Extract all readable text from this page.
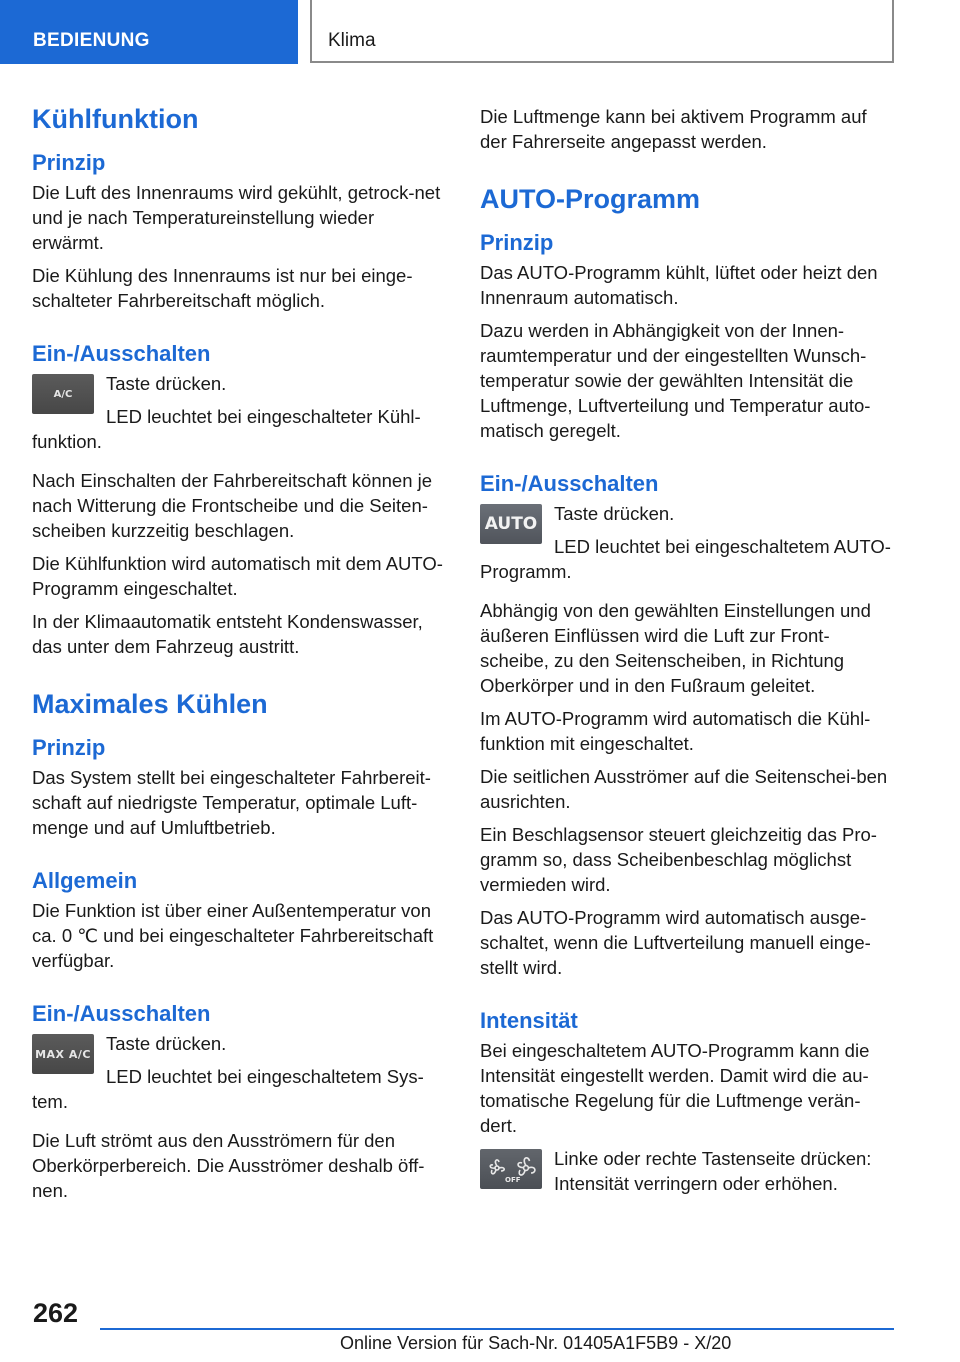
BEDIENUNG	Klima
Kühlfunktion
Prinzip

Die Luft des Innenraums wird gekühlt, getrock-net und je nach Temperatureinstellung wieder erwärmt.

Die Kühlung des Innenraums ist nur bei einge-schalteter Fahrbereitschaft möglich.

Ein-/Ausschalten
A/C	Taste drücken.

LED leuchtet bei eingeschalteter Kühl-funktion.

Nach Einschalten der Fahrbereitschaft können je nach Witterung die Frontscheibe und die Seiten-scheiben kurzzeitig beschlagen.

Die Kühlfunktion wird automatisch mit dem AUTO-Programm eingeschaltet.

In der Klimaautomatik entsteht Kondenswasser, das unter dem Fahrzeug austritt.

Maximales Kühlen
Prinzip

Das System stellt bei eingeschalteter Fahrbereit-schaft auf niedrigste Temperatur, optimale Luft-menge und auf Umluftbetrieb.

Allgemein

Die Funktion ist über einer Außentemperatur von ca. 0 ℃ und bei eingeschalteter Fahrbereitschaft verfügbar.

Ein-/Ausschalten
MAX A/C Taste drücken.

LED leuchtet bei eingeschaltetem Sys-tem.

Die Luft strömt aus den Ausströmern für den Oberkörperbereich. Die Ausströmer deshalb öff-nen.

Die Luftmenge kann bei aktivem Programm auf der Fahrerseite angepasst werden.

AUTO-Programm
Prinzip

Das AUTO-Programm kühlt, lüftet oder heizt den Innenraum automatisch.

Dazu werden in Abhängigkeit von der Innen-raumtemperatur und der eingestellten Wunsch-temperatur sowie der gewählten Intensität die Luftmenge, Luftverteilung und Temperatur auto-matisch geregelt.

Ein-/Ausschalten
AUTO Taste drücken.

LED leuchtet bei eingeschaltetem AUTO-Programm.

Abhängig von den gewählten Einstellungen und äußeren Einflüssen wird die Luft zur Front-scheibe, zu den Seitenscheiben, in Richtung Oberkörper und in den Fußraum geleitet.

Im AUTO-Programm wird automatisch die Kühl-funktion mit eingeschaltet.

Die seitlichen Ausströmer auf die Seitenschei-ben ausrichten.

Ein Beschlagsensor steuert gleichzeitig das Pro-gramm so, dass Scheibenbeschlag möglichst vermieden wird.

Das AUTO-Programm wird automatisch ausge-schaltet, wenn die Luftverteilung manuell einge-stellt wird.

Intensität

Bei eingeschaltetem AUTO-Programm kann die Intensität eingestellt werden. Damit wird die au-tomatische Regelung für die Luftmenge verän-dert.

OFF

Linke oder rechte Tastenseite drücken: Intensität verringern oder erhöhen.

262
Online Version für Sach-Nr. 01405A1F5B9 - X/20
